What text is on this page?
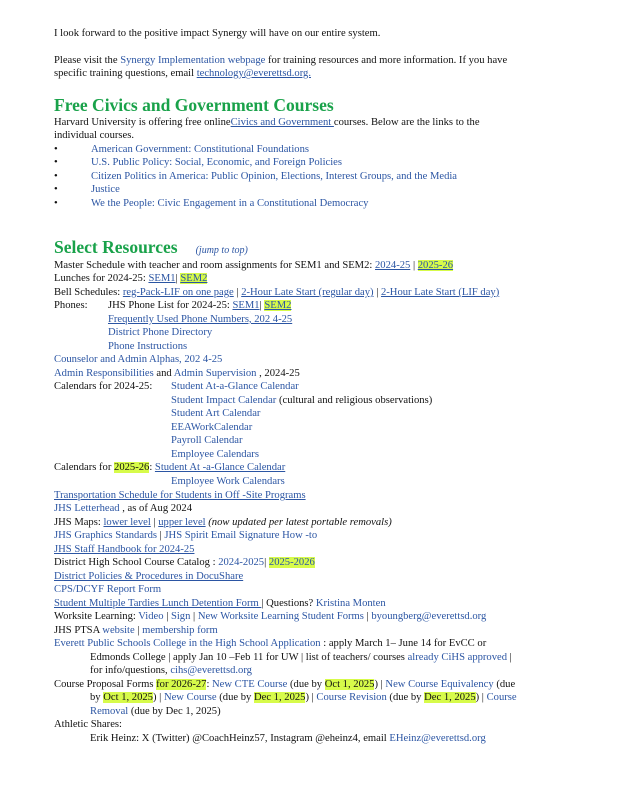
I look forward to the positive impact Synergy will have on our entire system.
Please visit the Synergy Implementation webpage for training resources and more information. If you have
specific training questions, email technology@everettsd.org.
Free Civics and Government Courses
Harvard University is offering free onlineCivics and Government courses. Below are the links to the
individual courses.
•	American Government: Constitutional Foundations
•	U.S. Public Policy: Social, Economic, and Foreign Policies
•	Citizen Politics in America: Public Opinion, Elections, Interest Groups, and the Media
•	Justice
•	We the People: Civic Engagement in a Constitutional Democracy
Select Resources (jump to top)
Master Schedule with teacher and room assignments for SEM1 and SEM2: 2024-25 | 2025-26
Lunches for 2024-25: SEM1| SEM2
Bell Schedules: reg-Pack-LIF on one page | 2-Hour Late Start (regular day) | 2-Hour Late Start (LIF day)
Phones: JHS Phone List for 2024-25: SEM1| SEM2
Frequently Used Phone Numbers, 202 4-25
District Phone Directory
Phone Instructions
Counselor and Admin Alphas, 202 4-25
Admin Responsibilities and Admin Supervision , 2024-25
Calendars for 2024-25:Student At-a-Glance Calendar
Student Impact Calendar (cultural and religious observations)
Student Art Calendar
EEAWorkCalendar
Payroll Calendar
Employee Calendars
Calendars for 2025-26: Student At -a-Glance Calendar
Employee Work Calendars
Transportation Schedule for Students in Off -Site Programs
JHS Letterhead , as of Aug 2024
JHS Maps: lower level | upper level (now updated per latest portable removals)
JHS Graphics Standards | JHS Spirit Email Signature How -to
JHS Staff Handbook for 2024-25
District High School Course Catalog : 2024-2025| 2025-2026
District Policies & Procedures in DocuShare
CPS/DCYF Report Form
Student Multiple Tardies Lunch Detention Form | Questions? Kristina Monten
Worksite Learning: Video | Sign | New Worksite Learning Student Forms | byoungberg@everettsd.org
JHS PTSA website | membership form
Everett Public Schools College in the High School Application : apply March 1– June 14 for EvCC or
Edmonds College | apply Jan 10 –Feb 11 for UW | list of teachers/ courses already CiHS approved |
for info/questions, cihs@everettsd.org
Course Proposal Forms for 2026-27: New CTE Course (due by Oct 1, 2025) | New Course Equivalency (due
by Oct 1, 2025) | New Course (due by Dec 1, 2025) | Course Revision (due by Dec 1, 2025) | Course
Removal (due by Dec 1, 2025)
Athletic Shares:
Erik Heinz: X (Twitter) @CoachHeinz57, Instagram @eheinz4, email EHeinz@everettsd.org
